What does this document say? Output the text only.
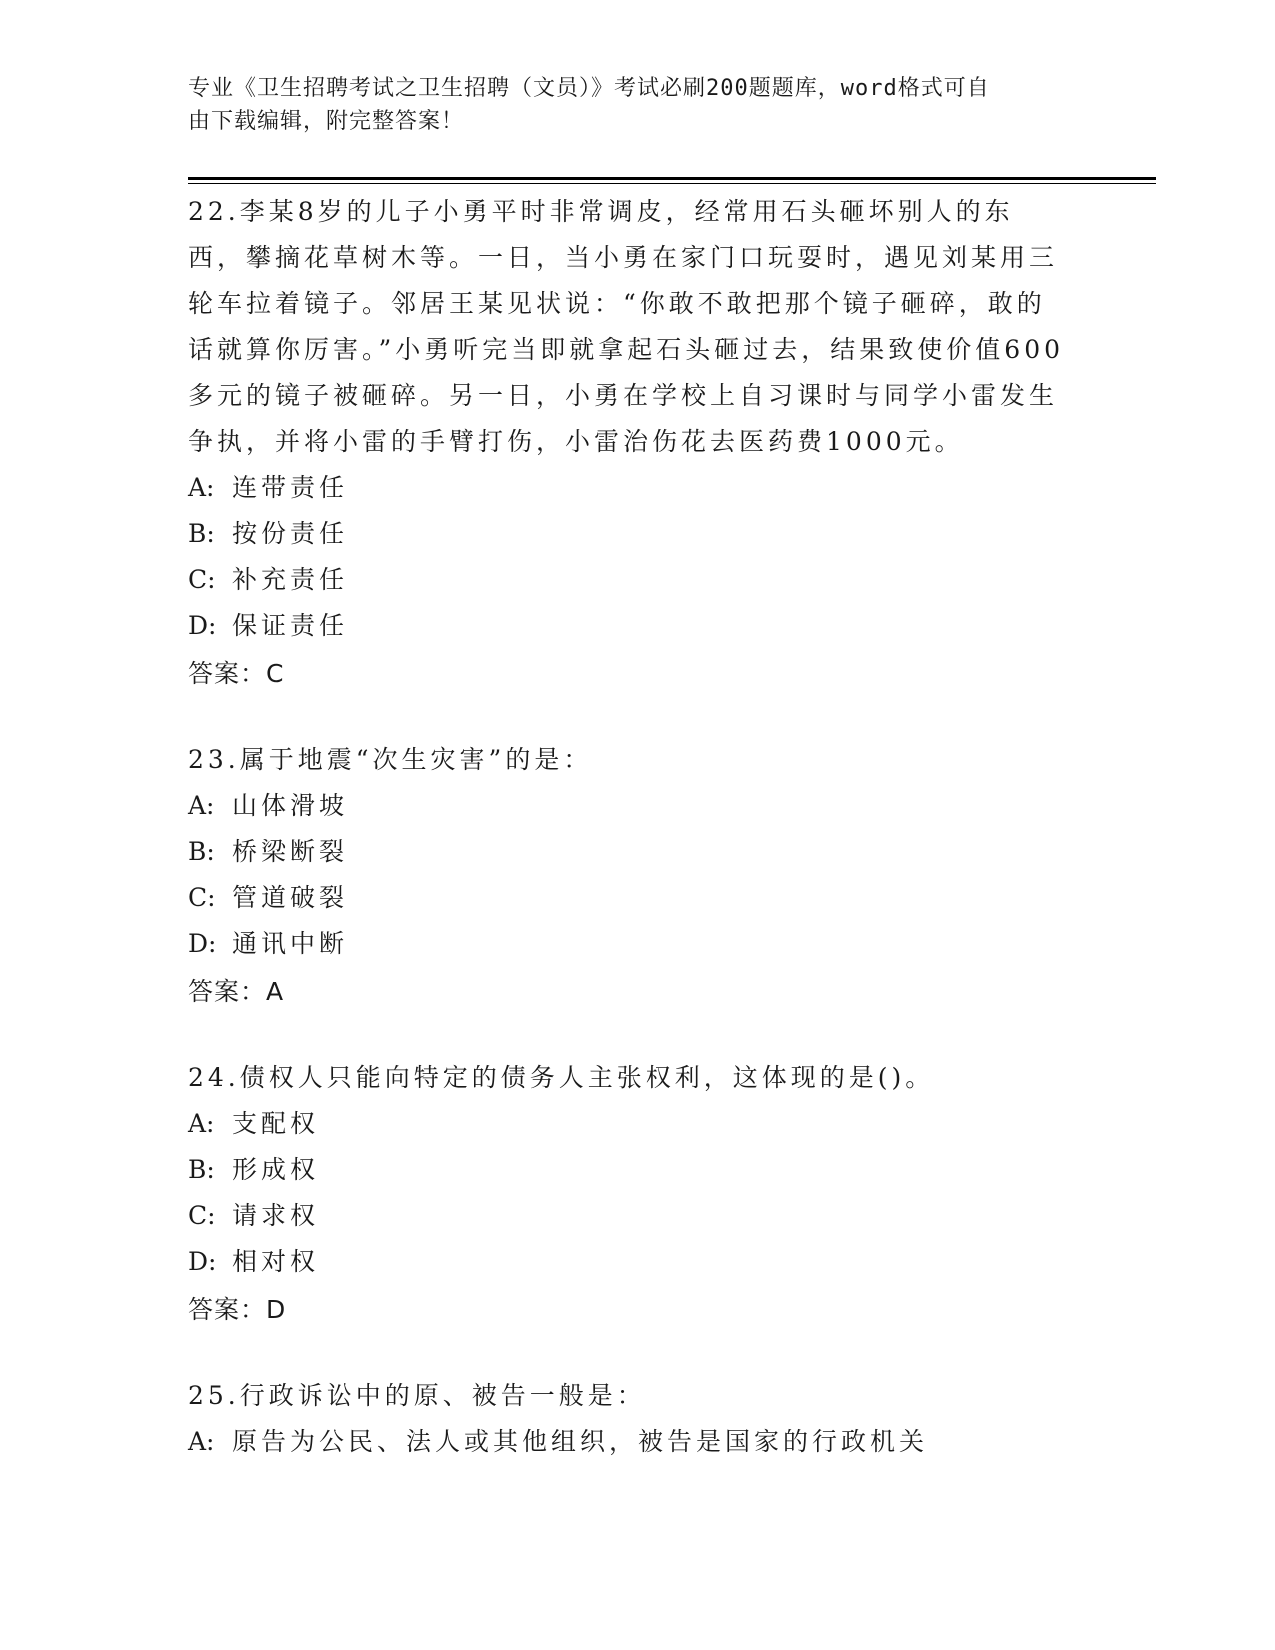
专业《卫生招聘考试之卫生招聘（文员）》考试必刷200题题库，word格式可自
由下载编辑，附完整答案！
22.李某8岁的儿子小勇平时非常调皮，经常用石头砸坏别人的东西，攀摘花草树木等。一日，当小勇在家门口玩耍时，遇见刘某用三轮车拉着镜子。邻居王某见状说：“你敢不敢把那个镜子砸碎，敢的话就算你厉害。”小勇听完当即就拿起石头砸过去，结果致使价值600多元的镜子被砸碎。另一日，小勇在学校上自习课时与同学小雷发生争执，并将小雷的手臂打伤，小雷治伤花去医药费1000元。
A: 连带责任
B: 按份责任
C: 补充责任
D: 保证责任
答案：C
23.属于地震“次生灾害”的是：
A: 山体滑坡
B: 桥梁断裂
C: 管道破裂
D: 通讯中断
答案：A
24.债权人只能向特定的债务人主张权利，这体现的是()。
A: 支配权
B: 形成权
C: 请求权
D: 相对权
答案：D
25.行政诉讼中的原、被告一般是：
A: 原告为公民、法人或其他组织，被告是国家的行政机关
